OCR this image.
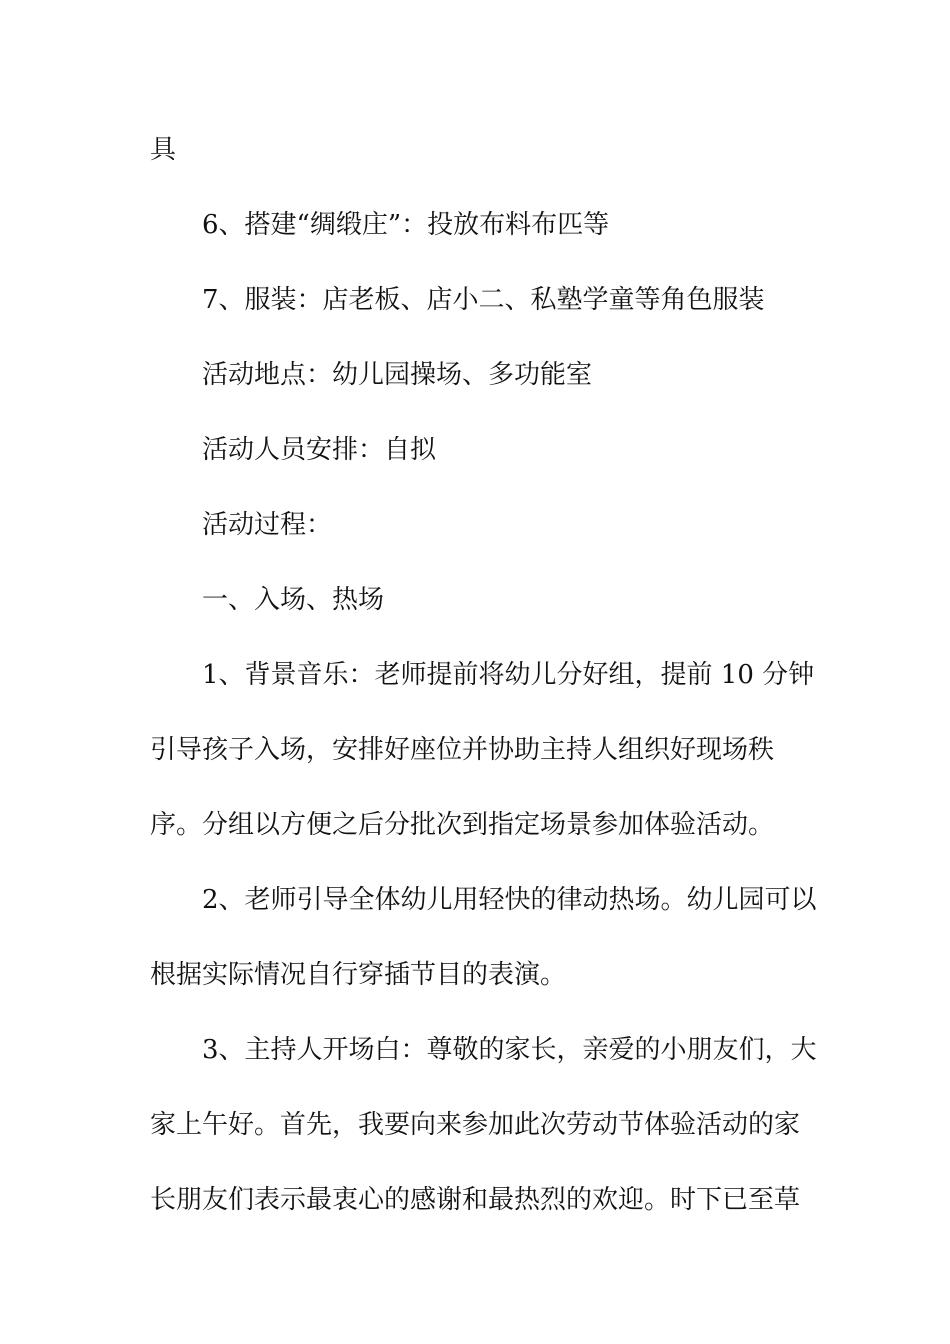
具
6、搭建“绸缎庄”：投放布料布匹等
7、服装：店老板、店小二、私塾学童等角色服装
活动地点：幼儿园操场、多功能室
活动人员安排：自拟
活动过程：
一、入场、热场
1、背景音乐：老师提前将幼儿分好组，提前 10 分钟
引导孩子入场，安排好座位并协助主持人组织好现场秩
序。分组以方便之后分批次到指定场景参加体验活动。
2、老师引导全体幼儿用轻快的律动热场。幼儿园可以
根据实际情况自行穿插节目的表演。
3、主持人开场白：尊敬的家长，亲爱的小朋友们，大
家上午好。首先，我要向来参加此次劳动节体验活动的家
长朋友们表示最衷心的感谢和最热烈的欢迎。时下已至草
